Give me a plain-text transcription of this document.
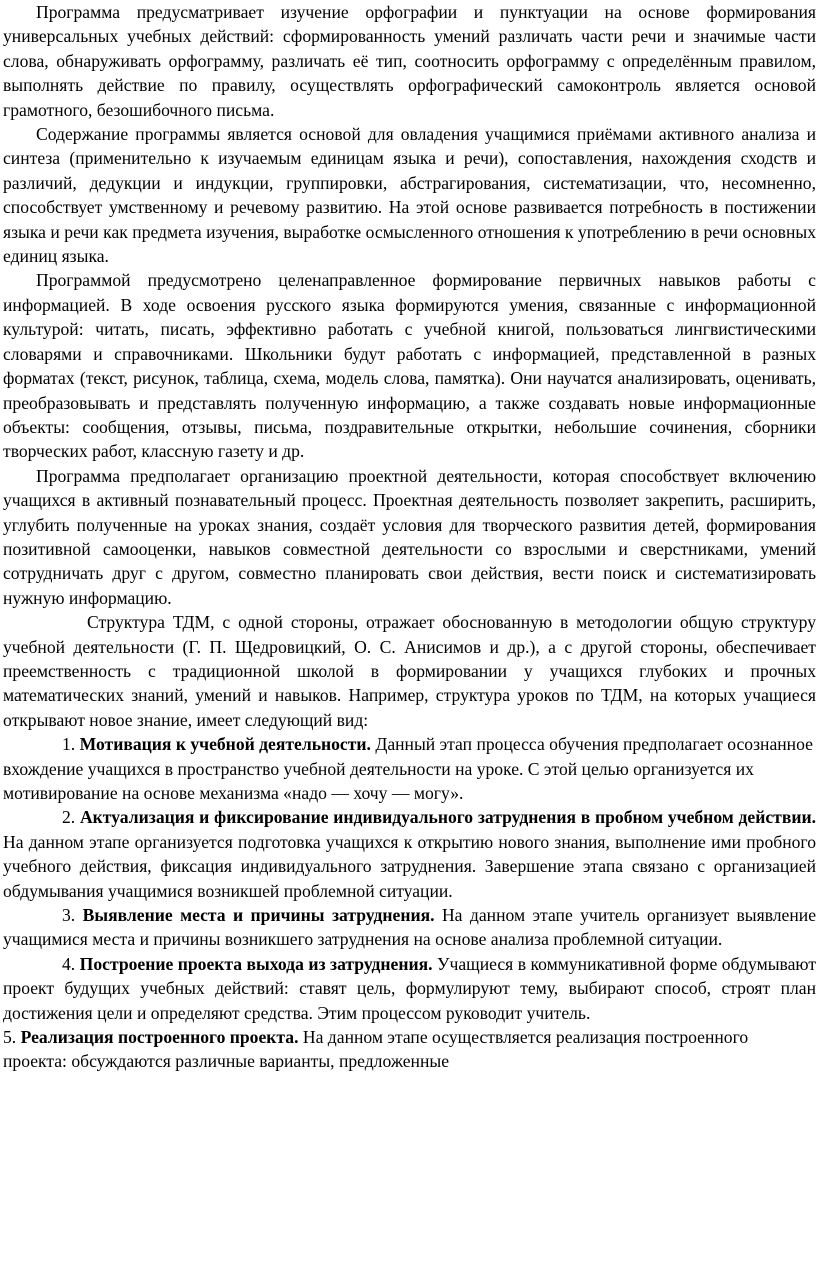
Программа предусматривает изучение орфографии и пунктуации на основе формирования универсальных учебных действий: сформированность умений различать части речи и значимые части слова, обнаруживать орфограмму, различать её тип, соотносить орфограмму с определённым правилом, выполнять действие по правилу, осуществлять орфографический самоконтроль является основой грамотного, безошибочного письма.

Содержание программы является основой для овладения учащимися приёмами активного анализа и синтеза (применительно к изучаемым единицам языка и речи), сопоставления, нахождения сходств и различий, дедукции и индукции, группировки, абстрагирования, систематизации, что, несомненно, способствует умственному и речевому развитию. На этой основе развивается потребность в постижении языка и речи как предмета изучения, выработке осмысленного отношения к употреблению в речи основных единиц языка.

Программой предусмотрено целенаправленное формирование первичных навыков работы с информацией. В ходе освоения русского языка формируются умения, связанные с информационной культурой: читать, писать, эффективно работать с учебной книгой, пользоваться лингвистическими словарями и справочниками. Школьники будут работать с информацией, представленной в разных форматах (текст, рисунок, таблица, схема, модель слова, памятка). Они научатся анализировать, оценивать, преобразовывать и представлять полученную информацию, а также создавать новые информационные объекты: сообщения, отзывы, письма, поздравительные открытки, небольшие сочинения, сборники творческих работ, классную газету и др.

Программа предполагает организацию проектной деятельности, которая способствует включению учащихся в активный познавательный процесс. Проектная деятельность позволяет закрепить, расширить, углубить полученные на уроках знания, создаёт условия для творческого развития детей, формирования позитивной самооценки, навыков совместной деятельности со взрослыми и сверстниками, умений сотрудничать друг с другом, совместно планировать свои действия, вести поиск и систематизировать нужную информацию.

Структура ТДМ, с одной стороны, отражает обоснованную в методологии общую структуру учебной деятельности (Г. П. Щедровицкий, О. С. Анисимов и др.), а с другой стороны, обеспечивает преемственность с традиционной школой в формировании у учащихся глубоких и прочных математических знаний, умений и навыков. Например, структура уроков по ТДМ, на которых учащиеся открывают новое знание, имеет следующий вид:

1. Мотивация к учебной деятельности. Данный этап процесса обучения предполагает осознанное вхождение учащихся в пространство учебной деятельности на уроке. С этой целью организуется их мотивирование на основе механизма «надо — хочу — могу».

2. Актуализация и фиксирование индивидуального затруднения в пробном учебном действии. На данном этапе организуется подготовка учащихся к открытию нового знания, выполнение ими пробного учебного действия, фиксация индивидуального затруднения. Завершение этапа связано с организацией обдумывания учащимися возникшей проблемной ситуации.

3. Выявление места и причины затруднения. На данном этапе учитель организует выявление учащимися места и причины возникшего затруднения на основе анализа проблемной ситуации.

4. Построение проекта выхода из затруднения. Учащиеся в коммуникативной форме обдумывают проект будущих учебных действий: ставят цель, формулируют тему, выбирают способ, строят план достижения цели и определяют средства. Этим процессом руководит учитель.

5. Реализация построенного проекта. На данном этапе осуществляется реализация построенного проекта: обсуждаются различные варианты, предложенные
